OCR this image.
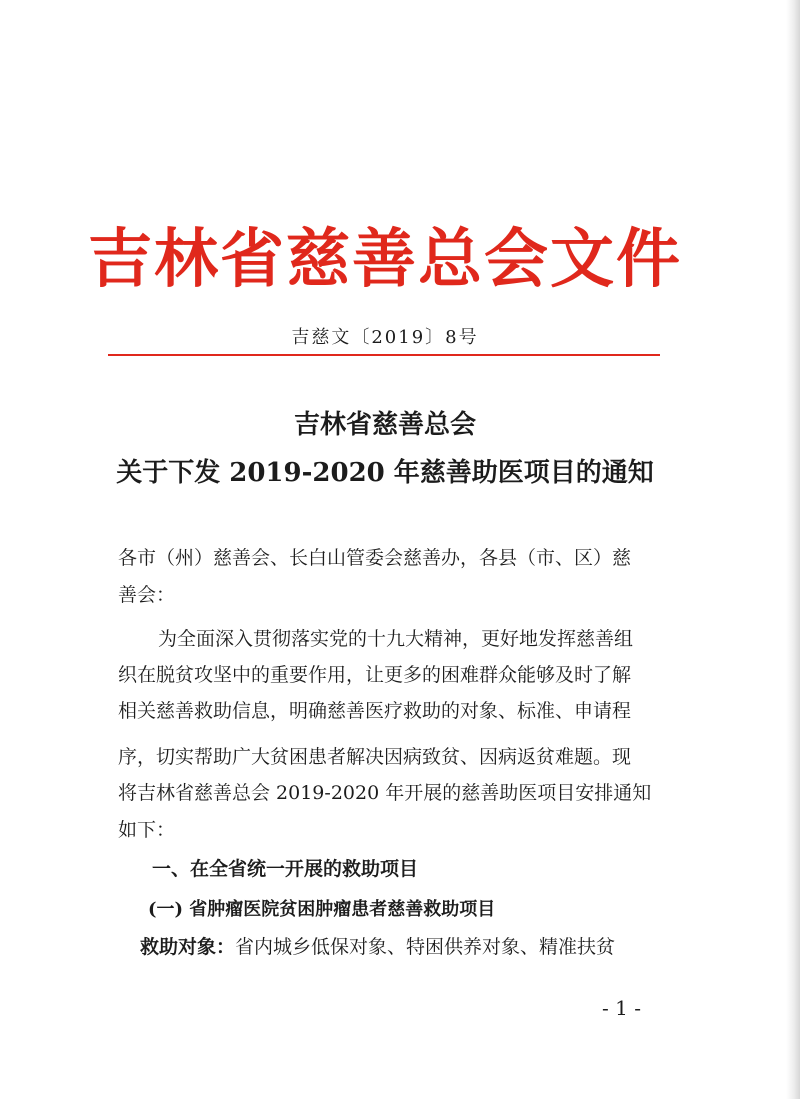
吉林省慈善总会文件
吉慈文〔2019〕8号
吉林省慈善总会
关于下发 2019-2020 年慈善助医项目的通知
各市（州）慈善会、长白山管委会慈善办，各县（市、区）慈
善会：
为全面深入贯彻落实党的十九大精神，更好地发挥慈善组
织在脱贫攻坚中的重要作用，让更多的困难群众能够及时了解
相关慈善救助信息，明确慈善医疗救助的对象、标准、申请程
序，切实帮助广大贫困患者解决因病致贫、因病返贫难题。现
将吉林省慈善总会 2019-2020 年开展的慈善助医项目安排通知
如下：
一、在全省统一开展的救助项目
(一) 省肿瘤医院贫困肿瘤患者慈善救助项目
救助对象：省内城乡低保对象、特困供养对象、精准扶贫
- 1 -
